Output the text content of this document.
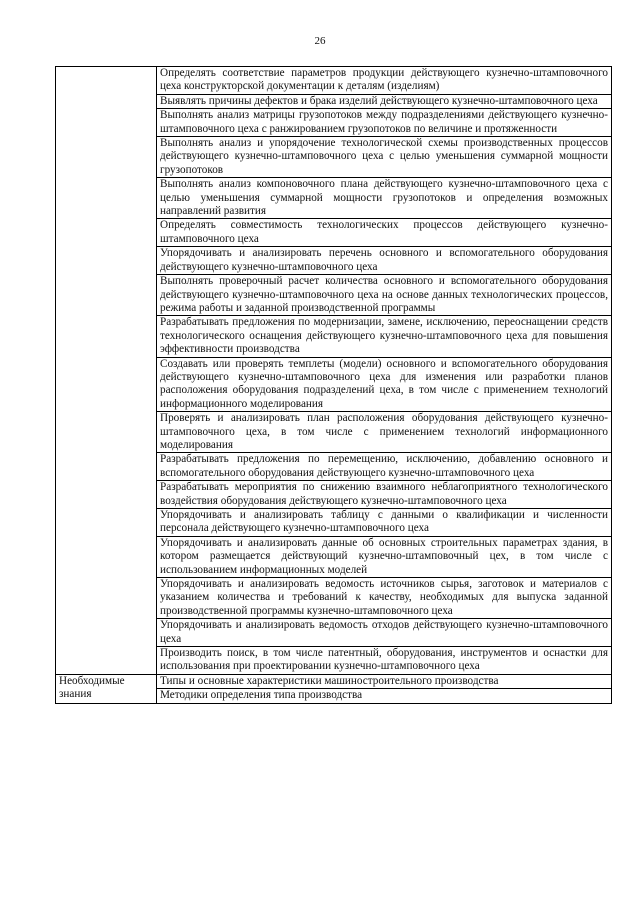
26
	Определять соответствие параметров продукции действующего кузнечно-штамповочного цеха конструкторской документации к деталям (изделиям)
	Выявлять причины дефектов и брака изделий действующего кузнечно-штамповочного цеха
	Выполнять анализ матрицы грузопотоков между подразделениями действующего кузнечно-штамповочного цеха с ранжированием грузопотоков по величине и протяженности
	Выполнять анализ и упорядочение технологической схемы производственных процессов действующего кузнечно-штамповочного цеха с целью уменьшения суммарной мощности грузопотоков
	Выполнять анализ компоновочного плана действующего кузнечно-штамповочного цеха с целью уменьшения суммарной мощности грузопотоков и определения возможных направлений развития
	Определять совместимость технологических процессов действующего кузнечно-штамповочного цеха
	Упорядочивать и анализировать перечень основного и вспомогательного оборудования действующего кузнечно-штамповочного цеха
	Выполнять проверочный расчет количества основного и вспомогательного оборудования действующего кузнечно-штамповочного цеха на основе данных технологических процессов, режима работы и заданной производственной программы
	Разрабатывать предложения по модернизации, замене, исключению, переоснащении средств технологического оснащения действующего кузнечно-штамповочного цеха для повышения эффективности производства
	Создавать или проверять темплеты (модели) основного и вспомогательного оборудования действующего кузнечно-штамповочного цеха для изменения или разработки планов расположения оборудования подразделений цеха, в том числе с применением технологий информационного моделирования
	Проверять и анализировать план расположения оборудования действующего кузнечно-штамповочного цеха, в том числе с применением технологий информационного моделирования
	Разрабатывать предложения по перемещению, исключению, добавлению основного и вспомогательного оборудования действующего кузнечно-штамповочного цеха
	Разрабатывать мероприятия по снижению взаимного неблагоприятного технологического воздействия оборудования действующего кузнечно-штамповочного цеха
	Упорядочивать и анализировать таблицу с данными о квалификации и численности персонала действующего кузнечно-штамповочного цеха
	Упорядочивать и анализировать данные об основных строительных параметрах здания, в котором размещается действующий кузнечно-штамповочный цех, в том числе с использованием информационных моделей
	Упорядочивать и анализировать ведомость источников сырья, заготовок и материалов с указанием количества и требований к качеству, необходимых для выпуска заданной производственной программы кузнечно-штамповочного цеха
	Упорядочивать и анализировать ведомость отходов действующего кузнечно-штамповочного цеха
	Производить поиск, в том числе патентный, оборудования, инструментов и оснастки для использования при проектировании кузнечно-штамповочного цеха
Необходимые знания	Типы и основные характеристики машиностроительного производства
	Методики определения типа производства
